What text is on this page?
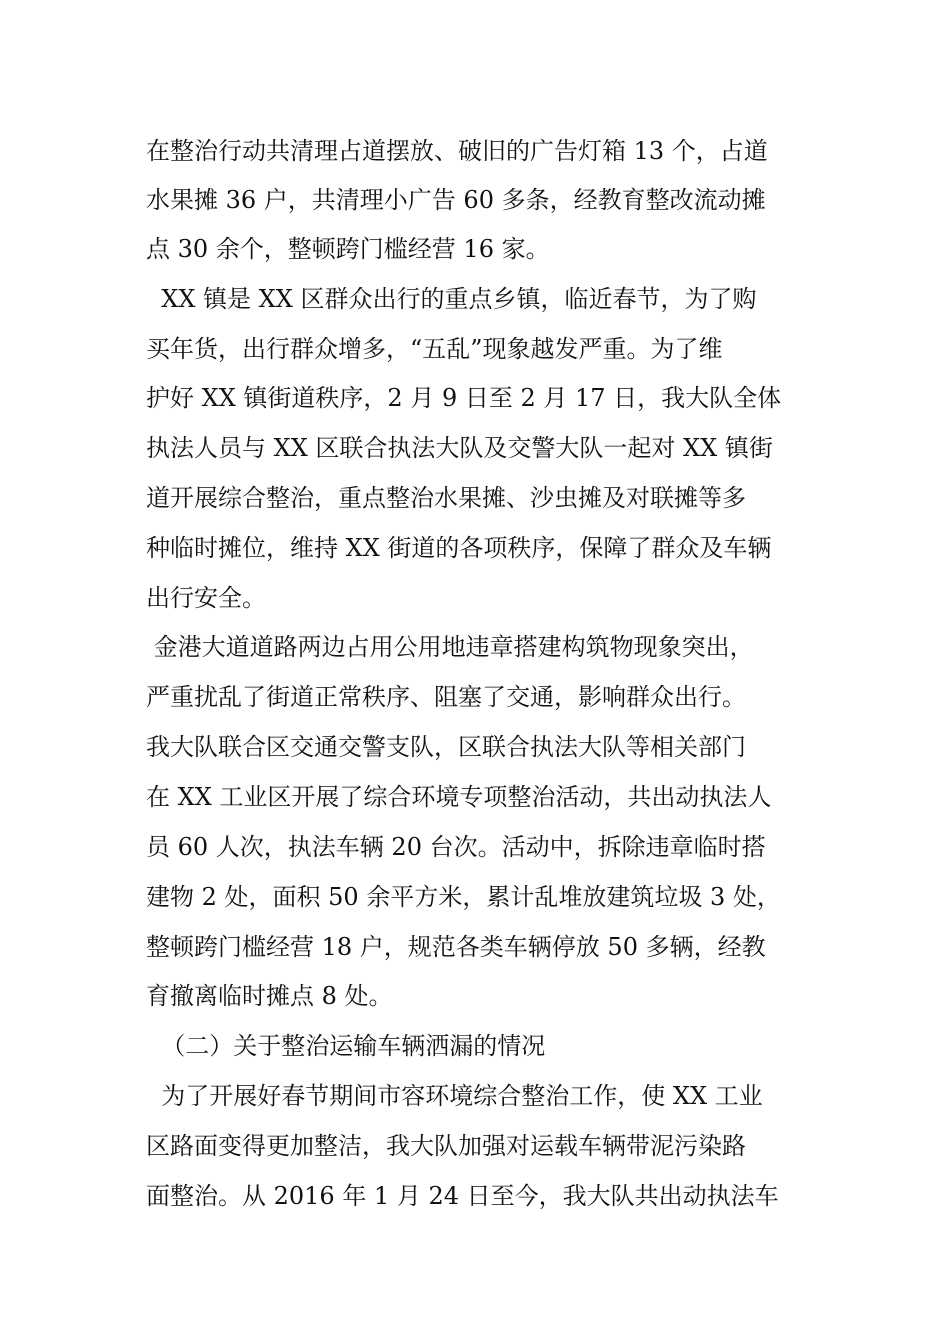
在整治行动共清理占道摆放、破旧的广告灯箱 13 个，占道

水果摊 36 户，共清理小广告 60 多条，经教育整改流动摊

点 30 余个，整顿跨门槛经营 16 家。

XX 镇是 XX 区群众出行的重点乡镇，临近春节，为了购

买年货，出行群众增多，“五乱”现象越发严重。为了维

护好 XX 镇街道秩序，2 月 9 日至 2 月 17 日，我大队全体

执法人员与 XX 区联合执法大队及交警大队一起对 XX 镇街

道开展综合整治，重点整治水果摊、沙虫摊及对联摊等多

种临时摊位，维持 XX 街道的各项秩序，保障了群众及车辆

出行安全。

金港大道道路两边占用公用地违章搭建构筑物现象突出，

严重扰乱了街道正常秩序、阻塞了交通，影响群众出行。

我大队联合区交通交警支队，区联合执法大队等相关部门

在 XX 工业区开展了综合环境专项整治活动，共出动执法人

员 60 人次，执法车辆 20 台次。活动中，拆除违章临时搭

建物 2 处，面积 50 余平方米，累计乱堆放建筑垃圾 3 处，

整顿跨门槛经营 18 户，规范各类车辆停放 50 多辆，经教

育撤离临时摊点 8 处。

（二）关于整治运输车辆洒漏的情况

为了开展好春节期间市容环境综合整治工作，使 XX 工业

区路面变得更加整洁，我大队加强对运载车辆带泥污染路

面整治。从 2016 年 1 月 24 日至今，我大队共出动执法车
